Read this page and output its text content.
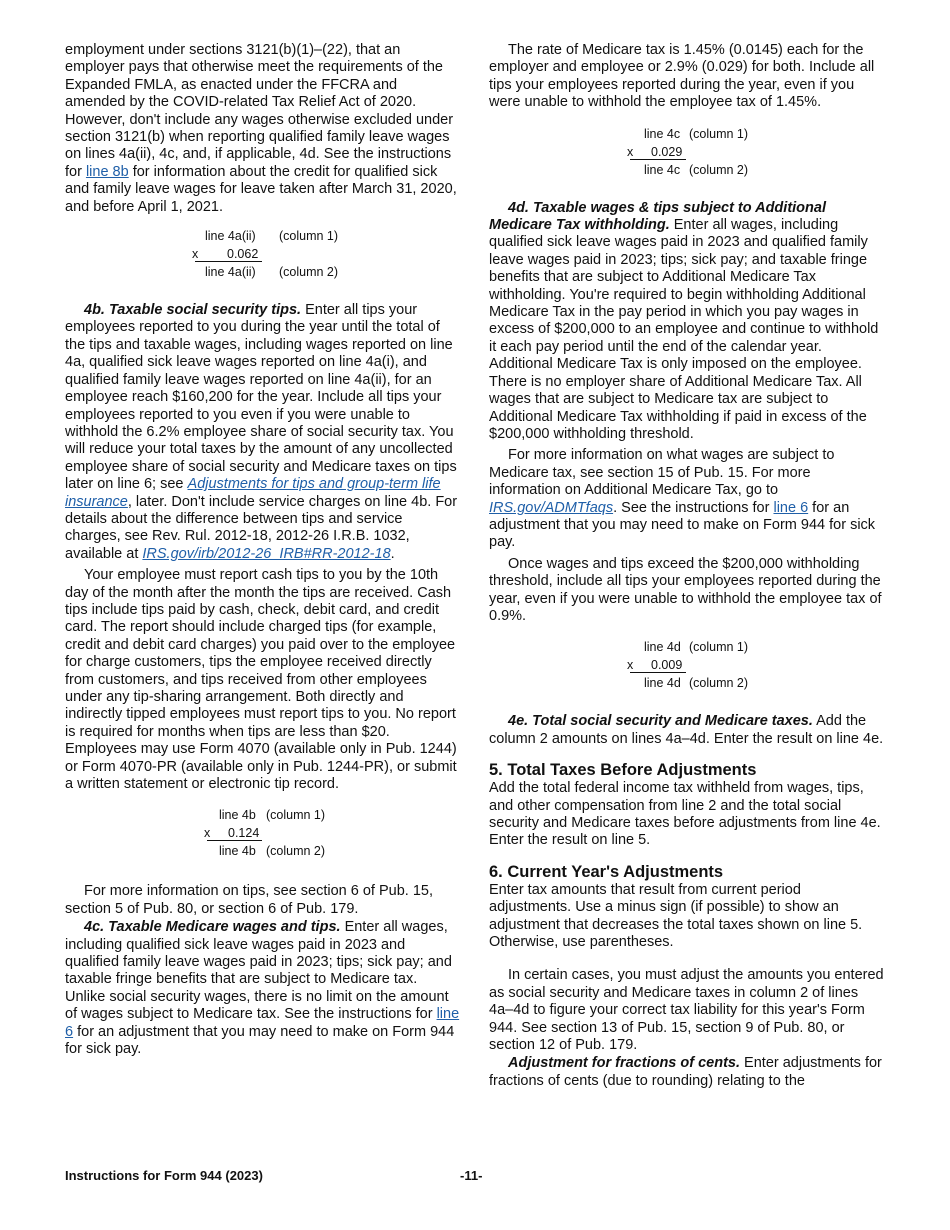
employment under sections 3121(b)(1)–(22), that an employer pays that otherwise meet the requirements of the Expanded FMLA, as enacted under the FFCRA and amended by the COVID-related Tax Relief Act of 2020. However, don't include any wages otherwise excluded under section 3121(b) when reporting qualified family leave wages on lines 4a(ii), 4c, and, if applicable, 4d. See the instructions for line 8b for information about the credit for qualified sick and family leave wages for leave taken after March 31, 2020, and before April 1, 2021.

line 4a(ii) (column 1)
x 0.062
line 4a(ii) (column 2)

4b. Taxable social security tips. Enter all tips your employees reported to you during the year until the total of the tips and taxable wages, including wages reported on line 4a, qualified sick leave wages reported on line 4a(i), and qualified family leave wages reported on line 4a(ii), for an employee reach $160,200 for the year. Include all tips your employees reported to you even if you were unable to withhold the 6.2% employee share of social security tax. You will reduce your total taxes by the amount of any uncollected employee share of social security and Medicare taxes on tips later on line 6; see Adjustments for tips and group-term life insurance, later. Don't include service charges on line 4b. For details about the difference between tips and service charges, see Rev. Rul. 2012-18, 2012-26 I.R.B. 1032, available at IRS.gov/irb/2012-26_IRB#RR-2012-18.

Your employee must report cash tips to you by the 10th day of the month after the month the tips are received. Cash tips include tips paid by cash, check, debit card, and credit card. The report should include charged tips (for example, credit and debit card charges) you paid over to the employee for charge customers, tips the employee received directly from customers, and tips received from other employees under any tip-sharing arrangement. Both directly and indirectly tipped employees must report tips to you. No report is required for months when tips are less than $20. Employees may use Form 4070 (available only in Pub. 1244) or Form 4070-PR (available only in Pub. 1244-PR), or submit a written statement or electronic tip record.

line 4b (column 1)
x 0.124
line 4b (column 2)

For more information on tips, see section 6 of Pub. 15, section 5 of Pub. 80, or section 6 of Pub. 179.

4c. Taxable Medicare wages and tips. Enter all wages, including qualified sick leave wages paid in 2023 and qualified family leave wages paid in 2023; tips; sick pay; and taxable fringe benefits that are subject to Medicare tax. Unlike social security wages, there is no limit on the amount of wages subject to Medicare tax. See the instructions for line 6 for an adjustment that you may need to make on Form 944 for sick pay.

The rate of Medicare tax is 1.45% (0.0145) each for the employer and employee or 2.9% (0.029) for both. Include all tips your employees reported during the year, even if you were unable to withhold the employee tax of 1.45%.

line 4c (column 1)
x 0.029
line 4c (column 2)

4d. Taxable wages & tips subject to Additional Medicare Tax withholding. Enter all wages, including qualified sick leave wages paid in 2023 and qualified family leave wages paid in 2023; tips; sick pay; and taxable fringe benefits that are subject to Additional Medicare Tax withholding. You're required to begin withholding Additional Medicare Tax in the pay period in which you pay wages in excess of $200,000 to an employee and continue to withhold it each pay period until the end of the calendar year. Additional Medicare Tax is only imposed on the employee. There is no employer share of Additional Medicare Tax. All wages that are subject to Medicare tax are subject to Additional Medicare Tax withholding if paid in excess of the $200,000 withholding threshold.

For more information on what wages are subject to Medicare tax, see section 15 of Pub. 15. For more information on Additional Medicare Tax, go to IRS.gov/ADMTfaqs. See the instructions for line 6 for an adjustment that you may need to make on Form 944 for sick pay.

Once wages and tips exceed the $200,000 withholding threshold, include all tips your employees reported during the year, even if you were unable to withhold the employee tax of 0.9%.

line 4d (column 1)
x 0.009
line 4d (column 2)

4e. Total social security and Medicare taxes. Add the column 2 amounts on lines 4a–4d. Enter the result on line 4e.

5. Total Taxes Before Adjustments

Add the total federal income tax withheld from wages, tips, and other compensation from line 2 and the total social security and Medicare taxes before adjustments from line 4e. Enter the result on line 5.

6. Current Year's Adjustments

Enter tax amounts that result from current period adjustments. Use a minus sign (if possible) to show an adjustment that decreases the total taxes shown on line 5. Otherwise, use parentheses.

In certain cases, you must adjust the amounts you entered as social security and Medicare taxes in column 2 of lines 4a–4d to figure your correct tax liability for this year's Form 944. See section 13 of Pub. 15, section 9 of Pub. 80, or section 12 of Pub. 179.

Adjustment for fractions of cents. Enter adjustments for fractions of cents (due to rounding) relating to the

Instructions for Form 944 (2023)	-11-
